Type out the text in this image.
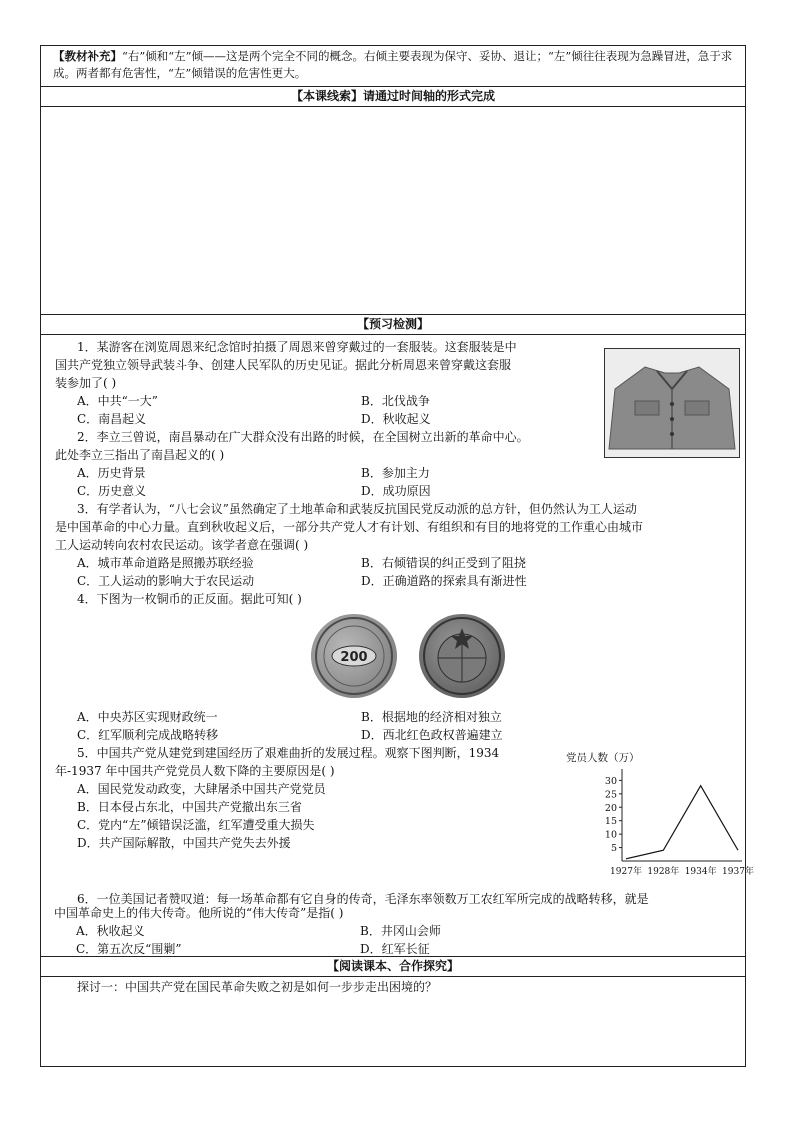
【教材补充】“右”倾和“左”倾——这是两个完全不同的概念。右倾主要表现为保守、妥协、退让；“左”倾往往表现为急躁冒进，急于求成。两者都有危害性，“左”倾错误的危害性更大。
【本课线索】请通过时间轴的形式完成
【预习检测】
1．某游客在浏览周恩来纪念馆时拍摄了周恩来曾穿戴过的一套服装。这套服装是中
国共产党独立领导武装斗争、创建人民军队的历史见证。据此分析周恩来曾穿戴这套服
装参加了( )
A．中共“一大”	B．北伐战争
C．南昌起义	D．秋收起义
2．李立三曾说，南昌暴动在广大群众没有出路的时候，在全国树立出新的革命中心。
此处李立三指出了南昌起义的( )
A．历史背景	B．参加主力
C．历史意义	D．成功原因
3．有学者认为，“八七会议”虽然确定了土地革命和武装反抗国民党反动派的总方针，但仍然认为工人运动
是中国革命的中心力量。直到秋收起义后，一部分共产党人才有计划、有组织和有目的地将党的工作重心由城市
工人运动转向农村农民运动。该学者意在强调( )
A．城市革命道路是照搬苏联经验	B．右倾错误的纠正受到了阻挠
C．工人运动的影响大于农民运动	D．正确道路的探索具有渐进性
4．下图为一枚铜币的正反面。据此可知( )
200
A．中央苏区实现财政统一	B．根据地的经济相对独立
C．红军顺利完成战略转移	D．西北红色政权普遍建立
5．中国共产党从建党到建国经历了艰难曲折的发展过程。观察下图判断，1934
年-1937 年中国共产党党员人数下降的主要原因是( )
A．国民党发动政变，大肆屠杀中国共产党党员
B．日本侵占东北，中国共产党撤出东三省
C．党内“左”倾错误泛滥，红军遭受重大损失
D．共产国际解散，中国共产党失去外援
党员人数（万）
5
10
15
20
25
30
1927年 1928年 1934年 1937年
6．一位美国记者赞叹道：每一场革命都有它自身的传奇，毛泽东率领数万工农红军所完成的战略转移，就是
【阅读课本、合作探究】
探讨一：中国共产党在国民革命失败之初是如何一步步走出困境的？
中国革命史上的伟大传奇。他所说的“伟大传奇”是指( )
A．秋收起义	B．井冈山会师
C．第五次反“围剿”	D．红军长征
